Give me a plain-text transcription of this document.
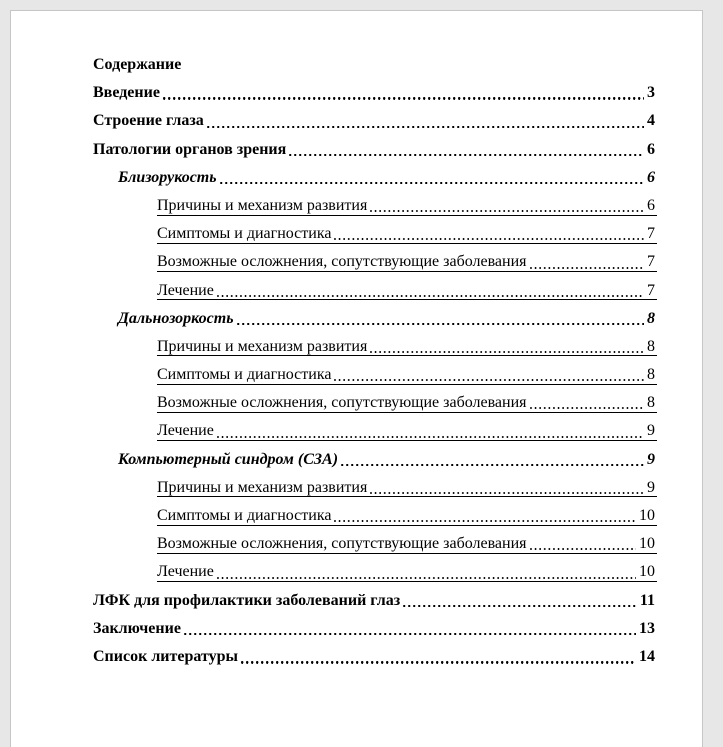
Содержание
Введение	3
Строение глаза	4
Патологии органов зрения	6
Близорукость	6
Причины и механизм развития	6
Симптомы и диагностика	7
Возможные осложнения, сопутствующие заболевания	7
Лечение	7
Дальнозоркость	8
Причины и механизм развития	8
Симптомы и диагностика	8
Возможные осложнения, сопутствующие заболевания	8
Лечение	9
Компьютерный синдром (СЗА)	9
Причины и механизм развития	9
Симптомы и диагностика	10
Возможные осложнения, сопутствующие заболевания	10
Лечение	10
ЛФК для профилактики заболеваний глаз	11
Заключение	13
Список литературы	14
